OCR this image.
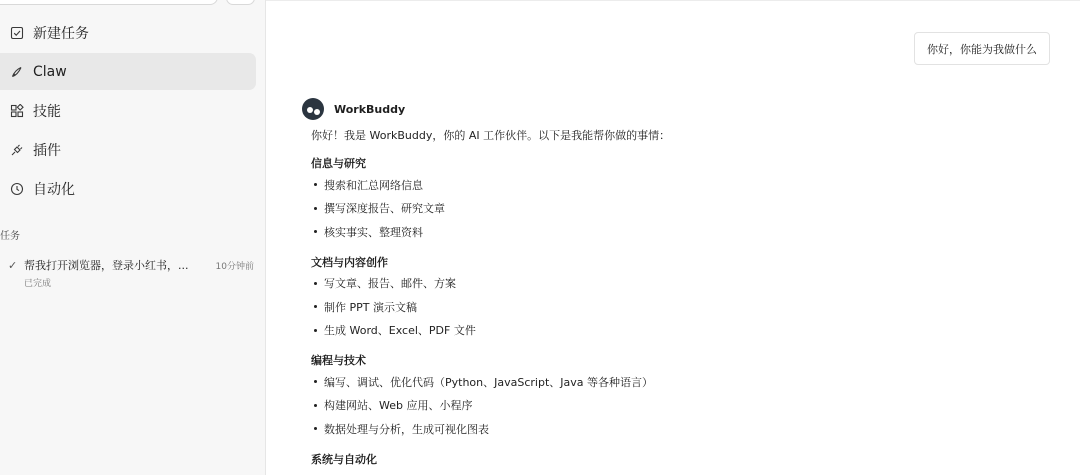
新建任务
Claw
技能
插件
自动化
任务
✓ 帮我打开浏览器，登录小红书，...	10分钟前
已完成
你好，你能为我做什么
WorkBuddy
你好！我是 WorkBuddy，你的 AI 工作伙伴。以下是我能帮你做的事情：
信息与研究
搜索和汇总网络信息
撰写深度报告、研究文章
核实事实、整理资料
文档与内容创作
写文章、报告、邮件、方案
制作 PPT 演示文稿
生成 Word、Excel、PDF 文件
编程与技术
编写、调试、优化代码（Python、JavaScript、Java 等各种语言）
构建网站、Web 应用、小程序
数据处理与分析，生成可视化图表
系统与自动化
